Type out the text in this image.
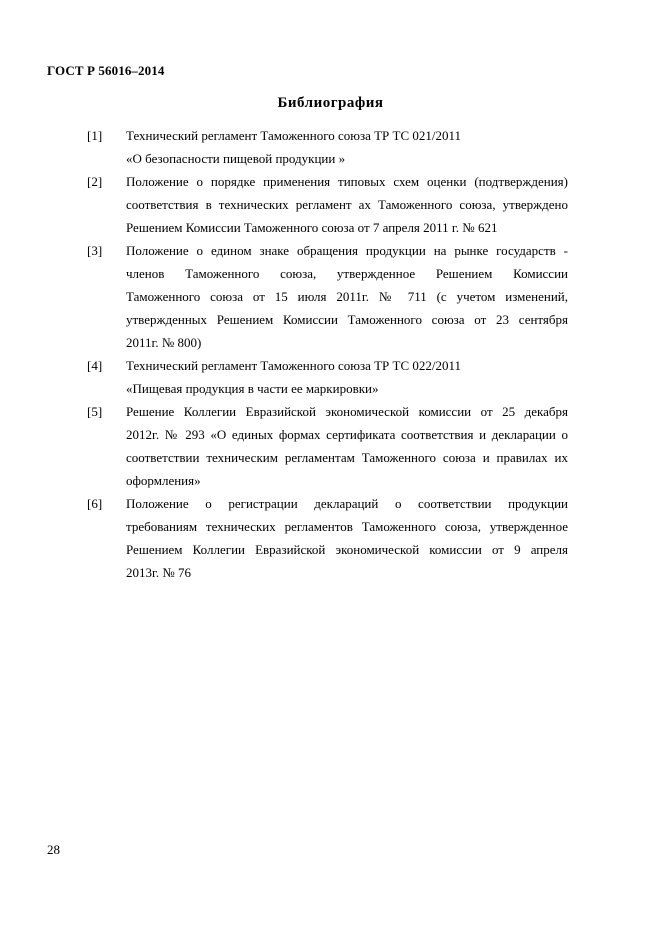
ГОСТ Р 56016–2014
Библиография
[1] Технический регламент Таможенного союза ТР ТС 021/2011
«О безопасности пищевой продукции »
[2] Положение о порядке применения типовых схем оценки (подтверждения)
соответствия в технических регламент ах Таможенного союза, утверждено
Решением Комиссии Таможенного союза от 7 апреля 2011 г. № 621
[3] Положение о едином знаке обращения продукции на рынке государств -
членов Таможенного союза, утвержденное Решением Комиссии
Таможенного союза от 15 июля 2011г. № 711 (с учетом изменений,
утвержденных Решением Комиссии Таможенного союза от 23 сентября
2011г. № 800)
[4] Технический регламент Таможенного союза ТР ТС 022/2011
«Пищевая продукция в части ее маркировки»
[5] Решение Коллегии Евразийской экономической комиссии от 25 декабря
2012г. № 293 «О единых формах сертификата соответствия и декларации о
соответствии техническим регламентам Таможенного союза и правилах их
оформления»
[6] Положение о регистрации деклараций о соответствии продукции
требованиям технических регламентов Таможенного союза, утвержденное
Решением Коллегии Евразийской экономической комиссии от 9 апреля
2013г. № 76
28
